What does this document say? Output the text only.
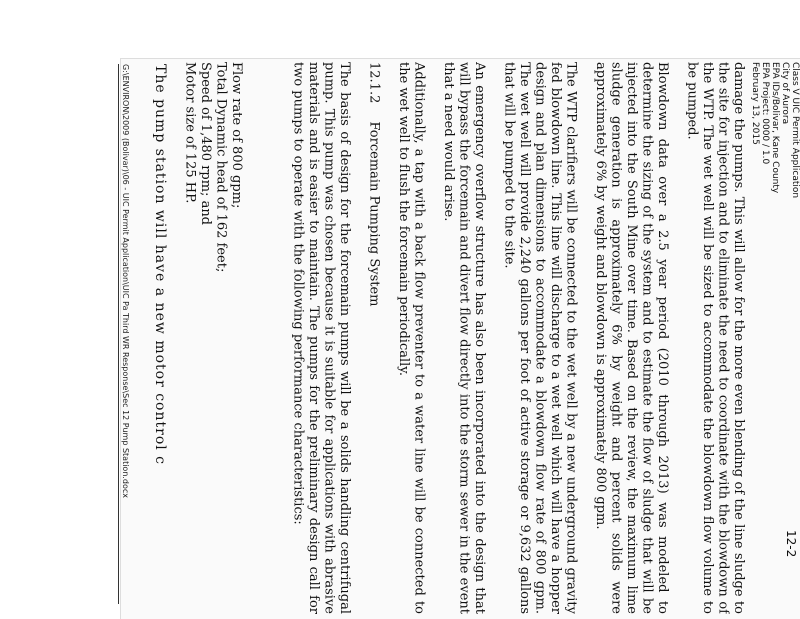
Class V UIC Permit Application
City of Aurora
EPA IDs/Bolivar, Kane County
EPA Project: 0000 / 1.0
February 13, 2015

damage the pumps. This will allow for the more even blending of the line sludge to the site for injection and to eliminate the need to coordinate with the blowdown of the WTP. The wet well will be sized to accommodate the blowdown flow volume to be pumped.

Blowdown data over a 2.5 year period (2010 through 2013) was modeled to determine the sizing of the system and to estimate the flow of sludge that will be injected into the South Mine over time. Based on the review, the maximum lime sludge generation is approximately 6% by weight and percent solids were approximately 6% by weight and blowdown is approximately 800 gpm.

The WTP clarifiers will be connected to the wet well by a new underground gravity fed blowdown line. This line will discharge to a wet well which will have a hopper design and plan dimensions to accommodate a blowdown flow rate of 800 gpm. The wet well will provide 2,240 gallons per foot of active storage or 9,632 gallons that will be pumped to the site.

An emergency overflow structure has also been incorporated into the design that will bypass the forcemain and divert flow directly into the storm sewer in the event that a need would arise.

Additionally, a tap with a back flow preventer to a water line will be connected to the wet well to flush the forcemain periodically.

12.1.2 Forcemain Pumping System

The basis of design for the forcemain pumps will be a solids handling centrifugal pump. This pump was chosen because it is suitable for applications with abrasive materials and is easier to maintain. The pumps for the preliminary design call for two pumps to operate with the following performance characteristics:

• Flow rate of 800 gpm;
• Total Dynamic head of 162 feet;
• Speed of 1,480 rpm; and
• Motor size of 125 HP.
G:\ENVIRON\2009 (Bolivar)\06 - UIC Permit Application\UIC Pa Third WR Response\Sec 12 Pump Station.docx The pump station will have a new motor control c
12-2
